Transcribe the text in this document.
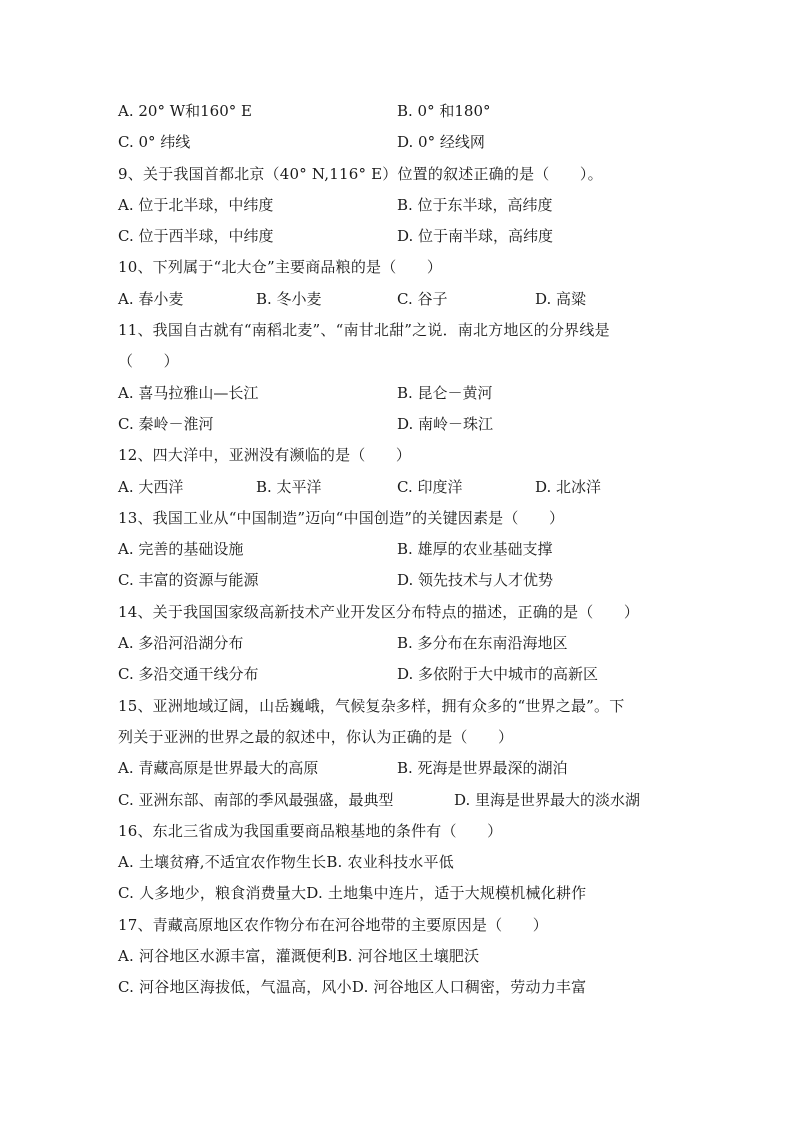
A. 20° W和160° E	B. 0° 和180°
C. 0° 纬线	D. 0° 经线网
9、关于我国首都北京（40° N,116° E）位置的叙述正确的是（　　）。
A. 位于北半球，中纬度	B. 位于东半球，高纬度
C. 位于西半球，中纬度	D. 位于南半球，高纬度
10、下列属于“北大仓”主要商品粮的是（　　）
A. 春小麦	B. 冬小麦	C. 谷子	D. 高粱
11、我国自古就有“南稻北麦”、“南甘北甜”之说．南北方地区的分界线是
（　　）
A. 喜马拉雅山—长江	B. 昆仑－黄河
C. 秦岭－淮河	D. 南岭－珠江
12、四大洋中，亚洲没有濒临的是（　　）
A. 大西洋	B. 太平洋	C. 印度洋	D. 北冰洋
13、我国工业从“中国制造”迈向“中国创造”的关键因素是（　　）
A. 完善的基础设施	B. 雄厚的农业基础支撑
C. 丰富的资源与能源	D. 领先技术与人才优势
14、关于我国国家级高新技术产业开发区分布特点的描述，正确的是（　　）
A. 多沿河沿湖分布	B. 多分布在东南沿海地区
C. 多沿交通干线分布	D. 多依附于大中城市的高新区
15、亚洲地域辽阔，山岳巍峨，气候复杂多样，拥有众多的“世界之最”。下
列关于亚洲的世界之最的叙述中，你认为正确的是（　　）
A. 青藏高原是世界最大的高原	B. 死海是世界最深的湖泊
C. 亚洲东部、南部的季风最强盛，最典型	D. 里海是世界最大的淡水湖
16、东北三省成为我国重要商品粮基地的条件有（　　）
A. 土壤贫瘠,不适宜农作物生长B. 农业科技水平低
C. 人多地少，粮食消费量大D. 土地集中连片，适于大规模机械化耕作
17、青藏高原地区农作物分布在河谷地带的主要原因是（　　）
A. 河谷地区水源丰富，灌溉便利B. 河谷地区土壤肥沃
C. 河谷地区海拔低，气温高，风小D. 河谷地区人口稠密，劳动力丰富
